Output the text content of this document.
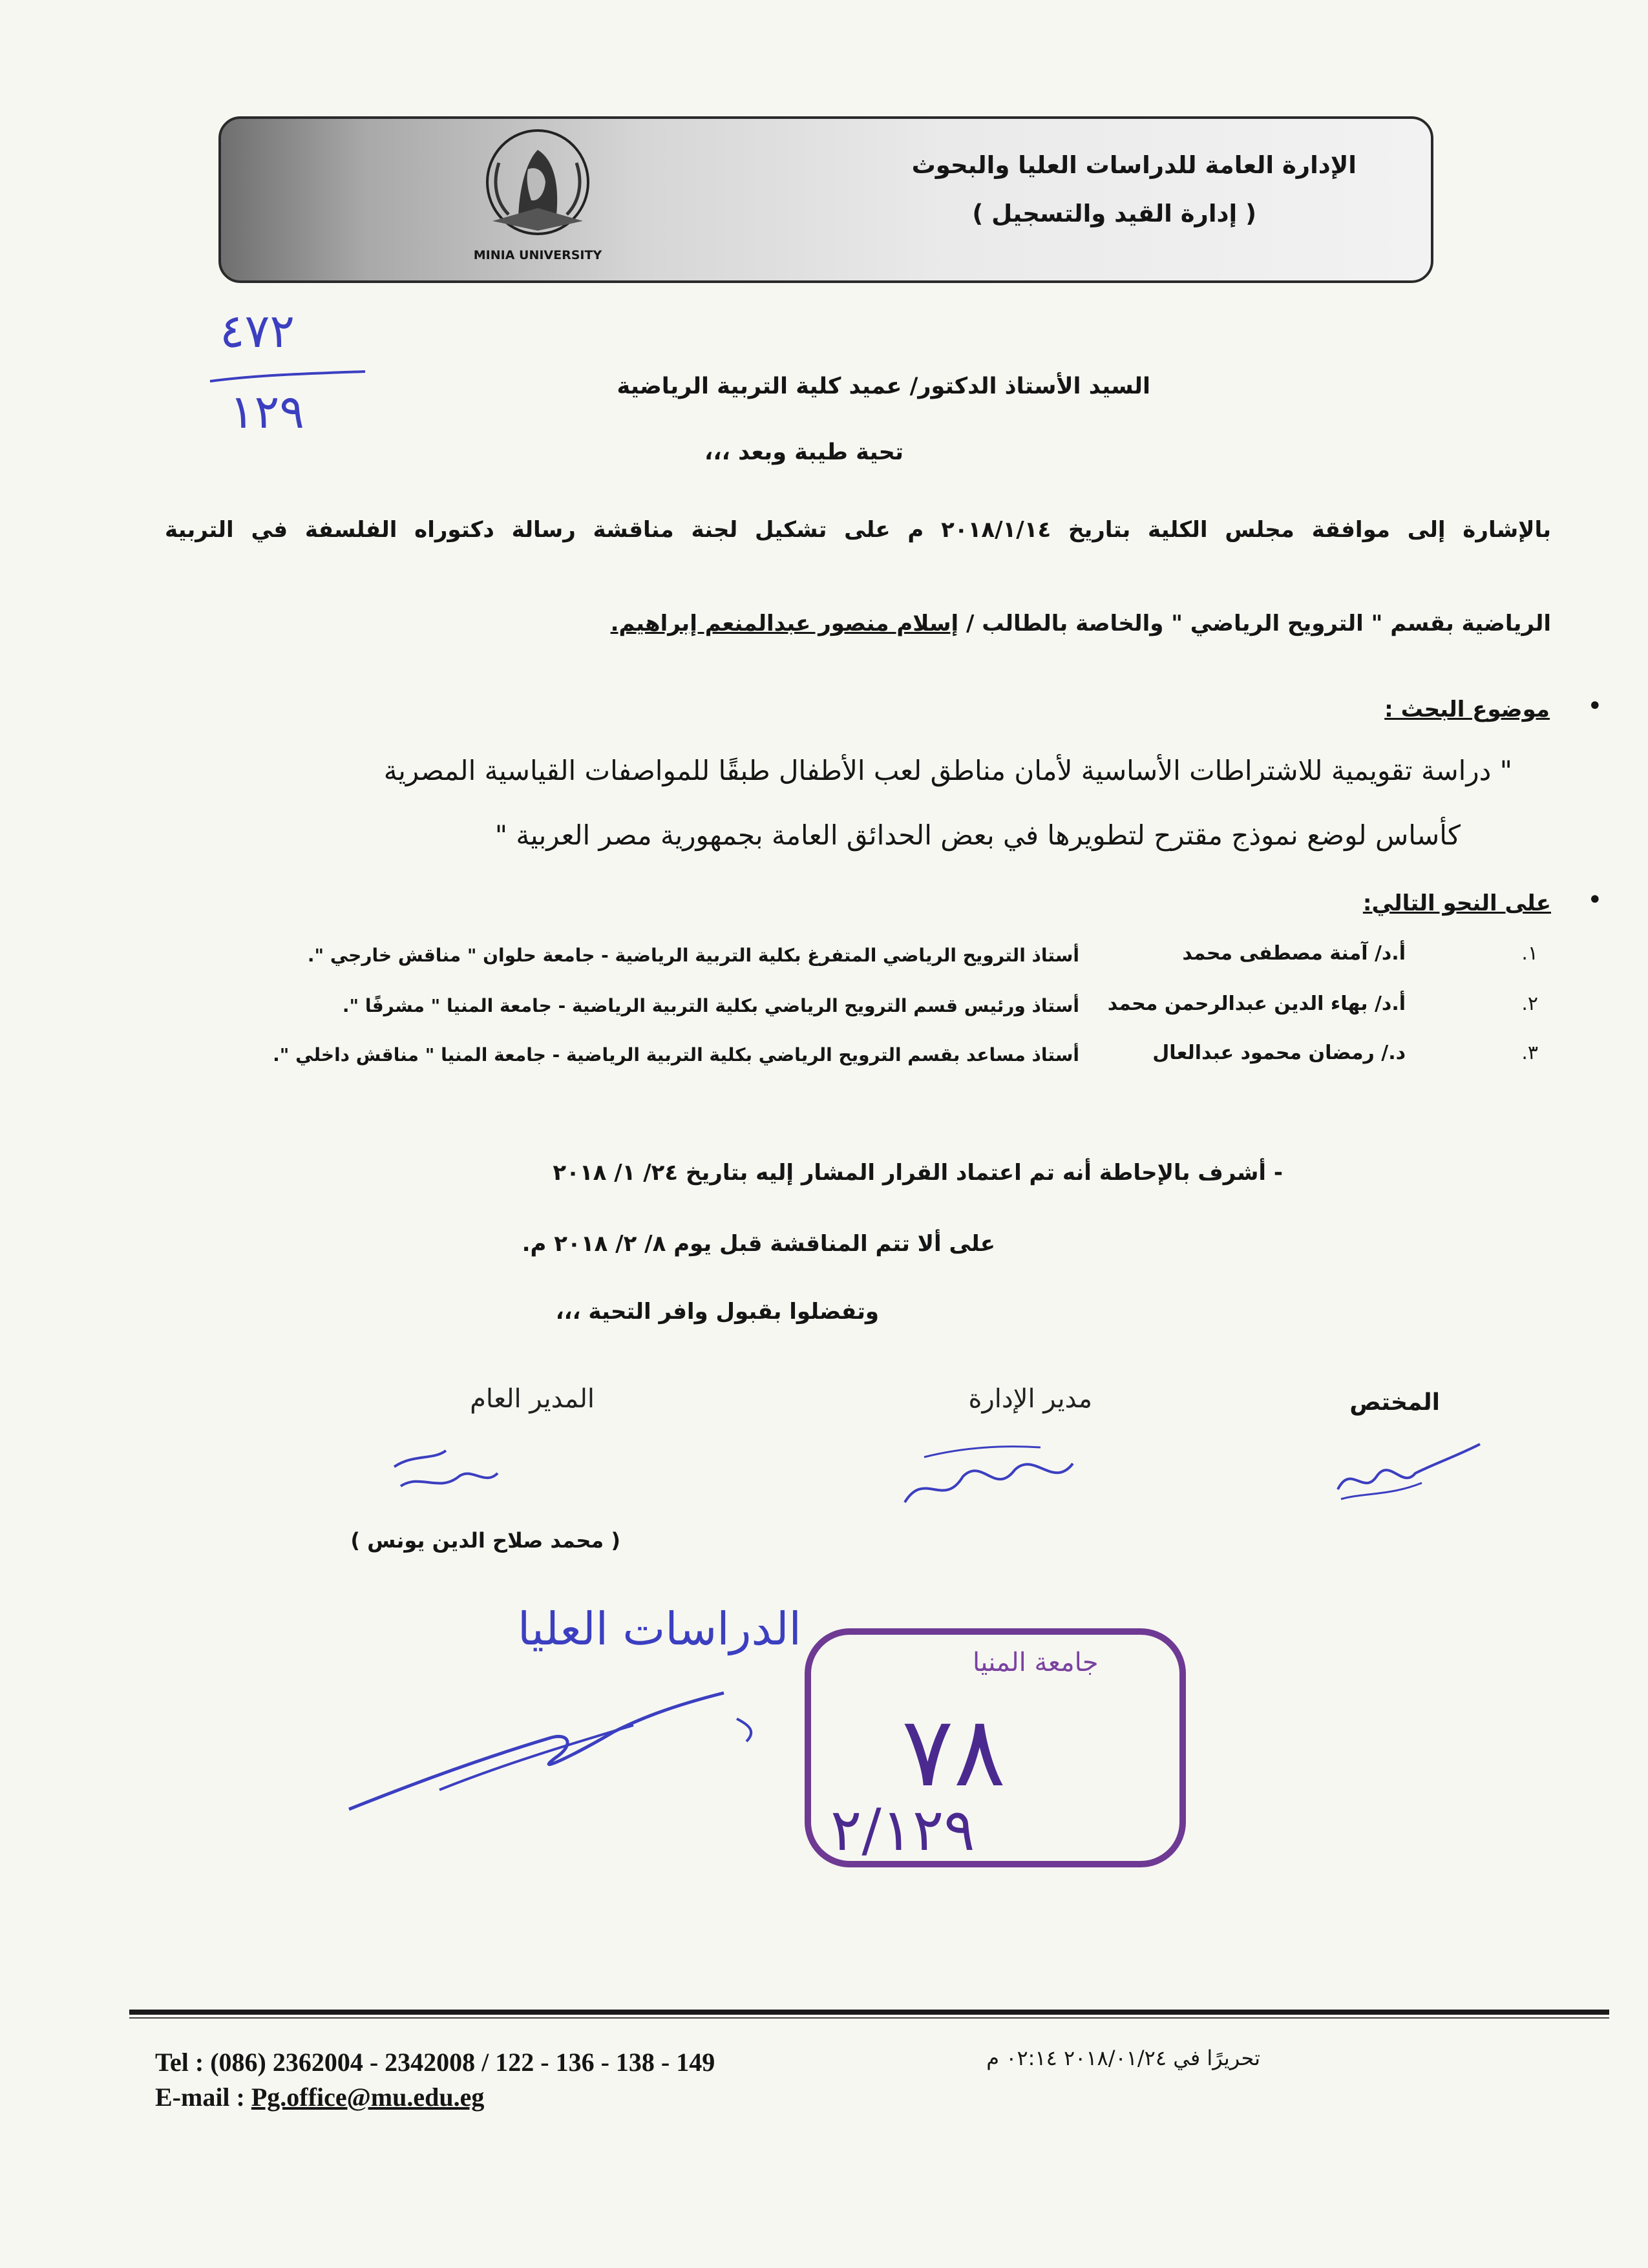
الإدارة العامة للدراسات العليا والبحوث
( إدارة القيد والتسجيل )
MINIA UNIVERSITY
٤٧٢
١٢٩	السيد الأستاذ الدكتور/ عميد كلية التربية الرياضية
تحية طيبة وبعد ،،،
بالإشارة إلى موافقة مجلس الكلية بتاريخ ٢٠١٨/١/١٤ م على تشكيل لجنة مناقشة رسالة دكتوراه الفلسفة في التربية
الرياضية بقسم " الترويح الرياضي " والخاصة بالطالب / إسلام منصور عبدالمنعم إبراهيم.
•
موضوع البحث :
" دراسة تقويمية للاشتراطات الأساسية لأمان مناطق لعب الأطفال طبقًا للمواصفات القياسية المصرية
كأساس لوضع نموذج مقترح لتطويرها في بعض الحدائق العامة بجمهورية مصر العربية "
•
على النحو التالي:
١.
أ.د/ آمنة مصطفى محمد
أستاذ الترويح الرياضي المتفرغ بكلية التربية الرياضية - جامعة حلوان " مناقش خارجي ".
٢.
أ.د/ بهاء الدين عبدالرحمن محمد
أستاذ ورئيس قسم الترويح الرياضي بكلية التربية الرياضية - جامعة المنيا " مشرفًا ".
٣.
د./ رمضان محمود عبدالعال
أستاذ مساعد بقسم الترويح الرياضي بكلية التربية الرياضية - جامعة المنيا " مناقش داخلي ".
- أشرف بالإحاطة أنه تم اعتماد القرار المشار إليه بتاريخ ٢٤/ ١/ ٢٠١٨
على ألا تتم المناقشة قبل يوم ٨/ ٢/ ٢٠١٨ م.
وتفضلوا بقبول وافر التحية ،،،
المختص
مدير الإدارة
المدير العام
( محمد صلاح الدين يونس )
الدراسات العليا
جامعة المنيا
٧٨
٢/١٢٩
Tel : (086) 2362004 - 2342008 / 122 - 136 - 138 - 149
E-mail : Pg.office@mu.edu.eg
تحريرًا في ٢٠١٨/٠١/٢٤ ٠٢:١٤ م
